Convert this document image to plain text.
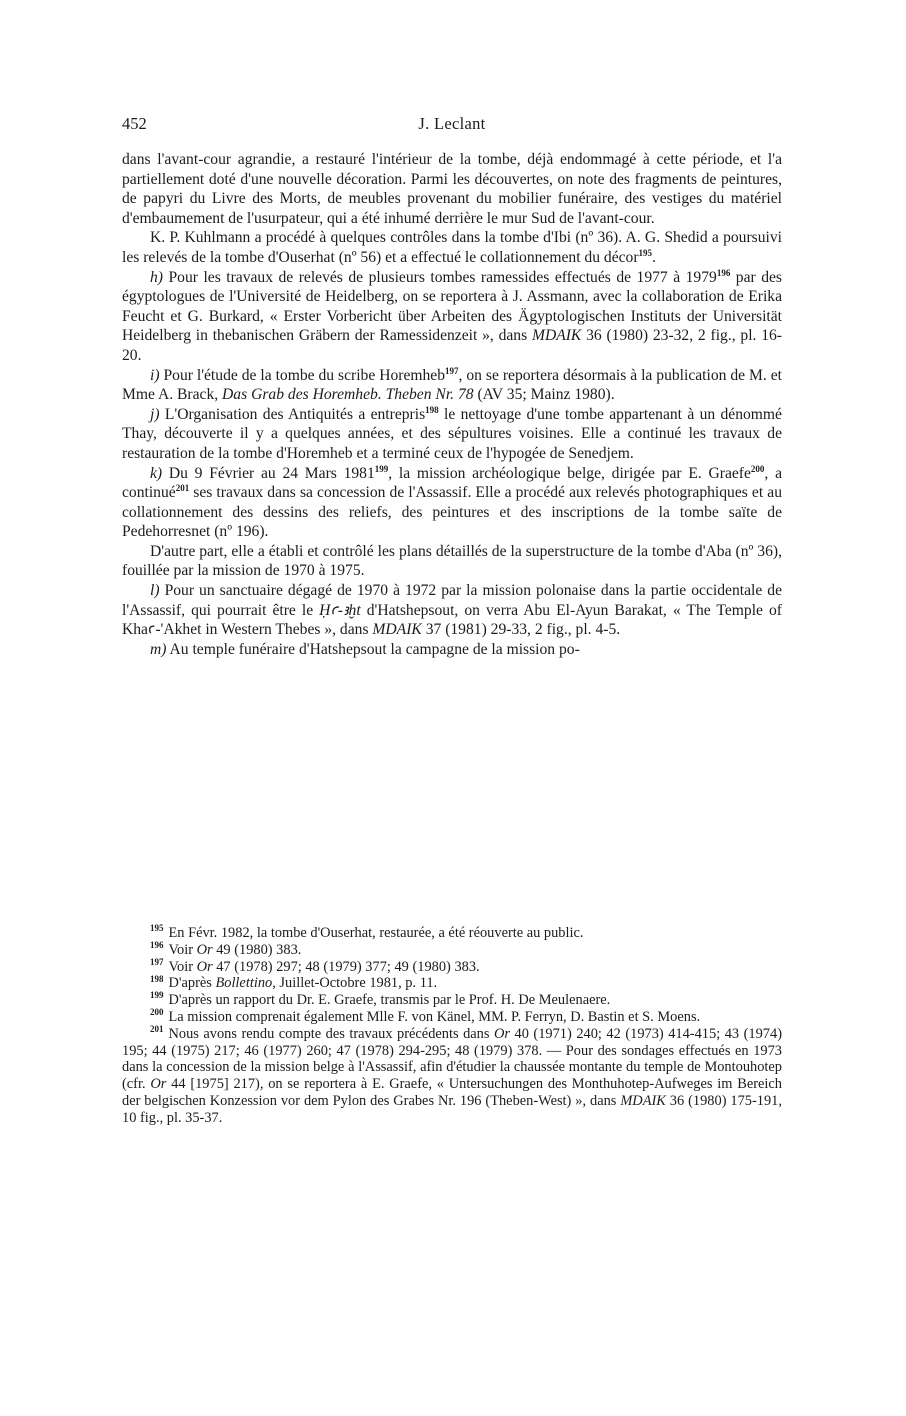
452	J. Leclant

dans l'avant-cour agrandie, a restauré l'intérieur de la tombe, déjà endommagé à cette période, et l'a partiellement doté d'une nouvelle décoration. Parmi les découvertes, on note des fragments de peintures, de papyri du Livre des Morts, de meubles provenant du mobilier funéraire, des vestiges du matériel d'embaumement de l'usurpateur, qui a été inhumé derrière le mur Sud de l'avant-cour.

K. P. Kuhlmann a procédé à quelques contrôles dans la tombe d'Ibi (nº 36). A. G. Shedid a poursuivi les relevés de la tombe d'Ouserhat (nº 56) et a effectué le collationnement du décor$^{195}$.

h) Pour les travaux de relevés de plusieurs tombes ramessides effectués de 1977 à 1979$^{196}$ par des égyptologues de l'Université de Heidelberg, on se reportera à J. Assmann, avec la collaboration de Erika Feucht et G. Burkard, « Erster Vorbericht über Arbeiten des Ägyptologischen Instituts der Universität Heidelberg in thebanischen Gräbern der Ramessidenzeit », dans MDAIK 36 (1980) 23-32, 2 fig., pl. 16-20.

i) Pour l'étude de la tombe du scribe Horemheb$^{197}$, on se reportera désormais à la publication de M. et Mme A. Brack, Das Grab des Horemheb. Theben Nr. 78 (AV 35; Mainz 1980).

j) L'Organisation des Antiquités a entrepris$^{198}$ le nettoyage d'une tombe appartenant à un dénommé Thay, découverte il y a quelques années, et des sépultures voisines. Elle a continué les travaux de restauration de la tombe d'Horemheb et a terminé ceux de l'hypogée de Senedjem.

k) Du 9 Février au 24 Mars 1981$^{199}$, la mission archéologique belge, dirigée par E. Graefe$^{200}$, a continué$^{201}$ ses travaux dans sa concession de l'Assassif. Elle a procédé aux relevés photographiques et au collationnement des dessins des reliefs, des peintures et des inscriptions de la tombe saïte de Pedehorresnet (nº 196).

D'autre part, elle a établi et contrôlé les plans détaillés de la superstructure de la tombe d'Aba (nº 36), fouillée par la mission de 1970 à 1975.

l) Pour un sanctuaire dégagé de 1970 à 1972 par la mission polonaise dans la partie occidentale de l'Assassif, qui pourrait être le Ḥꜥ-ꜣḫt d'Hatshepsout, on verra Abu El-Ayun Barakat, « The Temple of Khaꜥ-'Akhet in Western Thebes », dans MDAIK 37 (1981) 29-33, 2 fig., pl. 4-5.

m) Au temple funéraire d'Hatshepsout la campagne de la mission po-

$^{195}$ En Févr. 1982, la tombe d'Ouserhat, restaurée, a été réouverte au public.

$^{196}$ Voir Or 49 (1980) 383.

$^{197}$ Voir Or 47 (1978) 297; 48 (1979) 377; 49 (1980) 383.

$^{198}$ D'après Bollettino, Juillet-Octobre 1981, p. 11.

$^{199}$ D'après un rapport du Dr. E. Graefe, transmis par le Prof. H. De Meulenaere.

$^{200}$ La mission comprenait également Mlle F. von Känel, MM. P. Ferryn, D. Bastin et S. Moens.

$^{201}$ Nous avons rendu compte des travaux précédents dans Or 40 (1971) 240; 42 (1973) 414-415; 43 (1974) 195; 44 (1975) 217; 46 (1977) 260; 47 (1978) 294-295; 48 (1979) 378. — Pour des sondages effectués en 1973 dans la concession de la mission belge à l'Assassif, afin d'étudier la chaussée montante du temple de Montouhotep (cfr. Or 44 [1975] 217), on se reportera à E. Graefe, « Untersuchungen des Monthuhotep-Aufweges im Bereich der belgischen Konzession vor dem Pylon des Grabes Nr. 196 (Theben-West) », dans MDAIK 36 (1980) 175-191, 10 fig., pl. 35-37.
